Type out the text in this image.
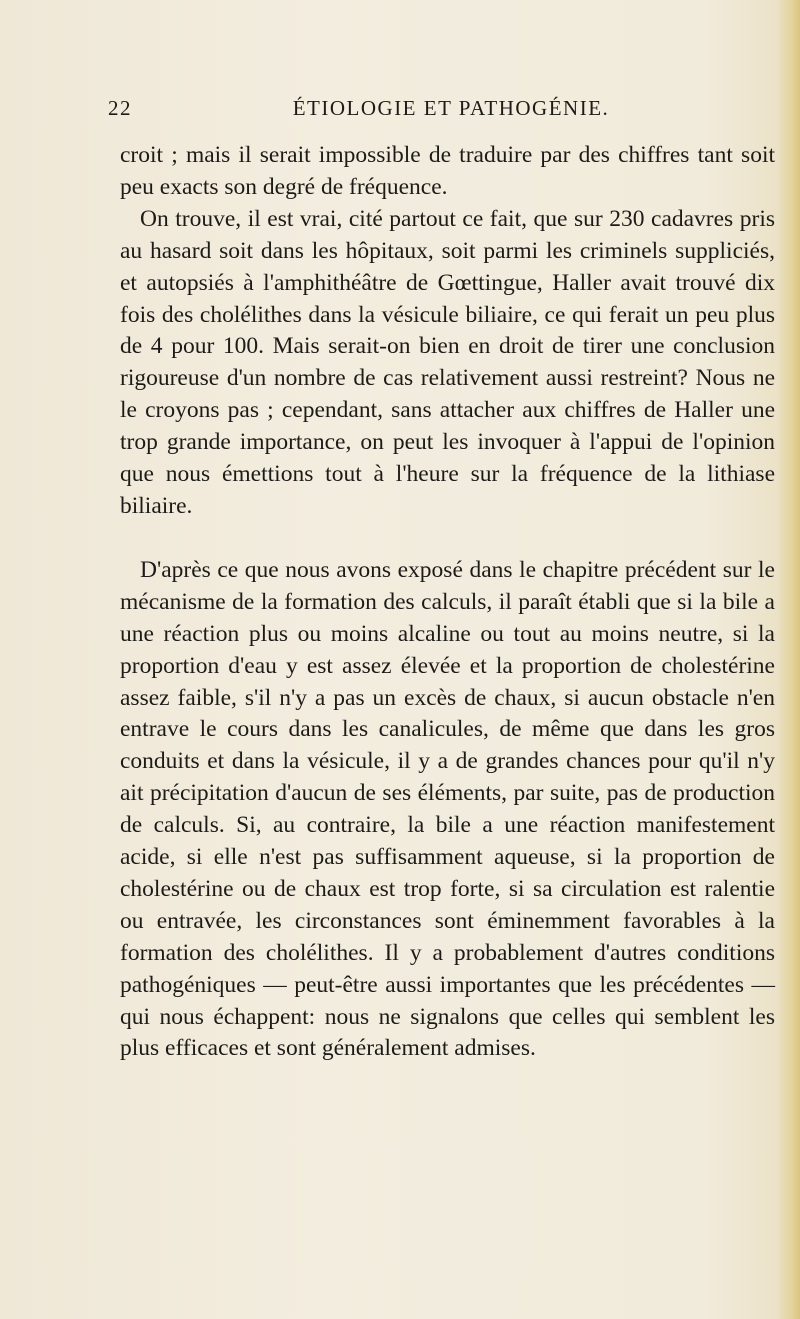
22	ÉTIOLOGIE ET PATHOGÉNIE.

croit ; mais il serait impossible de traduire par des chiffres tant soit peu exacts son degré de fréquence.

On trouve, il est vrai, cité partout ce fait, que sur 230 cadavres pris au hasard soit dans les hôpitaux, soit parmi les criminels suppliciés, et autopsiés à l'amphithéâtre de Gœttingue, Haller avait trouvé dix fois des cholélithes dans la vésicule biliaire, ce qui ferait un peu plus de 4 pour 100. Mais serait-on bien en droit de tirer une conclusion rigoureuse d'un nombre de cas relativement aussi restreint? Nous ne le croyons pas ; cependant, sans attacher aux chiffres de Haller une trop grande importance, on peut les invoquer à l'appui de l'opinion que nous émettions tout à l'heure sur la fréquence de la lithiase biliaire.

D'après ce que nous avons exposé dans le chapitre précédent sur le mécanisme de la formation des calculs, il paraît établi que si la bile a une réaction plus ou moins alcaline ou tout au moins neutre, si la proportion d'eau y est assez élevée et la proportion de cholestérine assez faible, s'il n'y a pas un excès de chaux, si aucun obstacle n'en entrave le cours dans les canalicules, de même que dans les gros conduits et dans la vésicule, il y a de grandes chances pour qu'il n'y ait précipitation d'aucun de ses éléments, par suite, pas de production de calculs. Si, au contraire, la bile a une réaction manifestement acide, si elle n'est pas suffisamment aqueuse, si la proportion de cholestérine ou de chaux est trop forte, si sa circulation est ralentie ou entravée, les circonstances sont éminemment favorables à la formation des cholélithes. Il y a probablement d'autres conditions pathogéniques — peut-être aussi importantes que les précédentes — qui nous échappent: nous ne signalons que celles qui semblent les plus efficaces et sont généralement admises.
